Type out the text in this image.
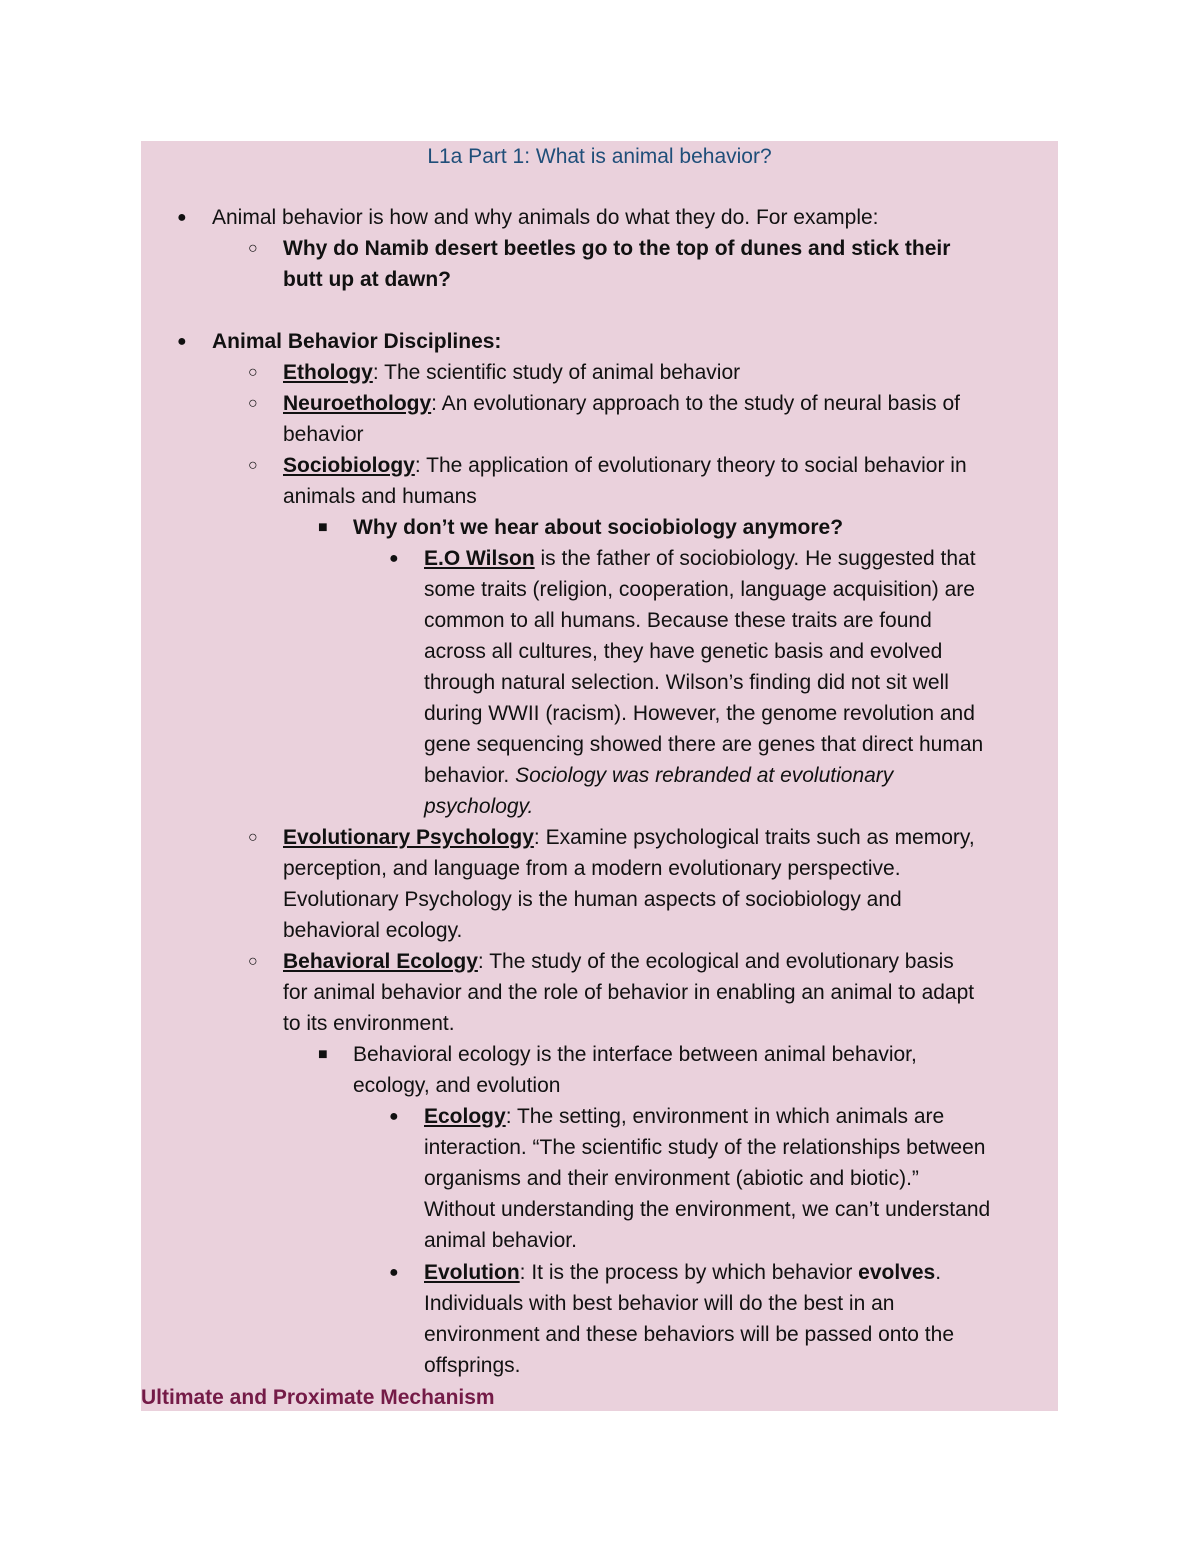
L1a Part 1: What is animal behavior?
● Animal behavior is how and why animals do what they do. For example:
○ Why do Namib desert beetles go to the top of dunes and stick their
butt up at dawn?
● Animal Behavior Disciplines:
○ Ethology: The scientific study of animal behavior
○ Neuroethology: An evolutionary approach to the study of neural basis of
behavior
○ Sociobiology: The application of evolutionary theory to social behavior in
animals and humans
■ Why don’t we hear about sociobiology anymore?
● E.O Wilson is the father of sociobiology. He suggested that
some traits (religion, cooperation, language acquisition) are
common to all humans. Because these traits are found
across all cultures, they have genetic basis and evolved
through natural selection. Wilson’s finding did not sit well
during WWII (racism). However, the genome revolution and
gene sequencing showed there are genes that direct human
behavior. Sociology was rebranded at evolutionary
psychology.
○ Evolutionary Psychology: Examine psychological traits such as memory,
perception, and language from a modern evolutionary perspective.
Evolutionary Psychology is the human aspects of sociobiology and
behavioral ecology.
○ Behavioral Ecology: The study of the ecological and evolutionary basis
for animal behavior and the role of behavior in enabling an animal to adapt
to its environment.
■ Behavioral ecology is the interface between animal behavior,
ecology, and evolution
● Ecology: The setting, environment in which animals are
interaction. “The scientific study of the relationships between
organisms and their environment (abiotic and biotic).”
Without understanding the environment, we can’t understand
animal behavior.
● Evolution: It is the process by which behavior evolves.
Individuals with best behavior will do the best in an
environment and these behaviors will be passed onto the
offsprings.
Ultimate and Proximate Mechanism
